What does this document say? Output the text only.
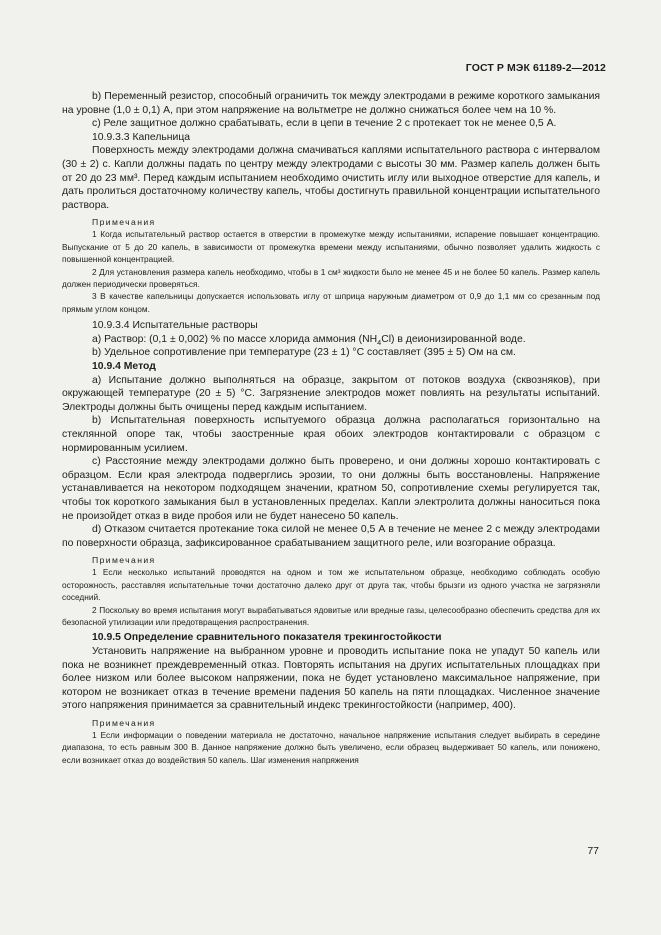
ГОСТ Р МЭК 61189-2—2012

b) Переменный резистор, способный ограничить ток между электродами в режиме короткого замыкания на уровне (1,0 ± 0,1) A, при этом напряжение на вольтметре не должно снижаться более чем на 10 %.

c) Реле защитное должно срабатывать, если в цепи в течение 2 с протекает ток не менее 0,5 А.

10.9.3.3 Капельница

Поверхность между электродами должна смачиваться каплями испытательного раствора с интервалом (30 ± 2) с. Капли должны падать по центру между электродами с высоты 30 мм. Размер капель должен быть от 20 до 23 мм³. Перед каждым испытанием необходимо очистить иглу или выходное отверстие для капель, и дать пролиться достаточному количеству капель, чтобы достигнуть правильной концентрации испытательного раствора.

Примечания

1 Когда испытательный раствор остается в отверстии в промежутке между испытаниями, испарение повышает концентрацию. Выпускание от 5 до 20 капель, в зависимости от промежутка времени между испытаниями, обычно позволяет удалить жидкость с повышенной концентрацией.

2 Для установления размера капель необходимо, чтобы в 1 см³ жидкости было не менее 45 и не более 50 капель. Размер капель должен периодически проверяться.

3 В качестве капельницы допускается использовать иглу от шприца наружным диаметром от 0,9 до 1,1 мм со срезанным под прямым углом концом.

10.9.3.4 Испытательные растворы

a) Раствор: (0,1 ± 0,002) % по массе хлорида аммония $(NH_4Cl)$ в деионизированной воде.

b) Удельное сопротивление при температуре (23 ± 1) °С составляет (395 ± 5) Ом на см.

10.9.4 Метод

a) Испытание должно выполняться на образце, закрытом от потоков воздуха (сквозняков), при окружающей температуре (20 ± 5) °С. Загрязнение электродов может повлиять на результаты испытаний. Электроды должны быть очищены перед каждым испытанием.

b) Испытательная поверхность испытуемого образца должна располагаться горизонтально на стеклянной опоре так, чтобы заостренные края обоих электродов контактировали с образцом с нормированным усилием.

c) Расстояние между электродами должно быть проверено, и они должны хорошо контактировать с образцом. Если края электрода подверглись эрозии, то они должны быть восстановлены. Напряжение устанавливается на некотором подходящем значении, кратном 50, сопротивление схемы регулируется так, чтобы ток короткого замыкания был в установленных пределах. Капли электролита должны наноситься пока не произойдет отказ в виде пробоя или не будет нанесено 50 капель.

d) Отказом считается протекание тока силой не менее 0,5 А в течение не менее 2 с между электродами по поверхности образца, зафиксированное срабатыванием защитного реле, или возгорание образца.

Примечания

1 Если несколько испытаний проводятся на одном и том же испытательном образце, необходимо соблюдать особую осторожность, расставляя испытательные точки достаточно далеко друг от друга так, чтобы брызги из одного участка не загрязняли соседний.

2 Поскольку во время испытания могут вырабатываться ядовитые или вредные газы, целесообразно обеспечить средства для их безопасной утилизации или предотвращения распространения.

10.9.5 Определение сравнительного показателя трекингостойкости

Установить напряжение на выбранном уровне и проводить испытание пока не упадут 50 капель или пока не возникнет преждевременный отказ. Повторять испытания на других испытательных площадках при более низком или более высоком напряжении, пока не будет установлено максимальное напряжение, при котором не возникает отказ в течение времени падения 50 капель на пяти площадках. Численное значение этого напряжения принимается за сравнительный индекс трекингостойкости (например, 400).

Примечания

1 Если информации о поведении материала не достаточно, начальное напряжение испытания следует выбирать в середине диапазона, то есть равным 300 В. Данное напряжение должно быть увеличено, если образец выдерживает 50 капель, или понижено, если возникает отказ до воздействия 50 капель. Шаг изменения напряжения

77
